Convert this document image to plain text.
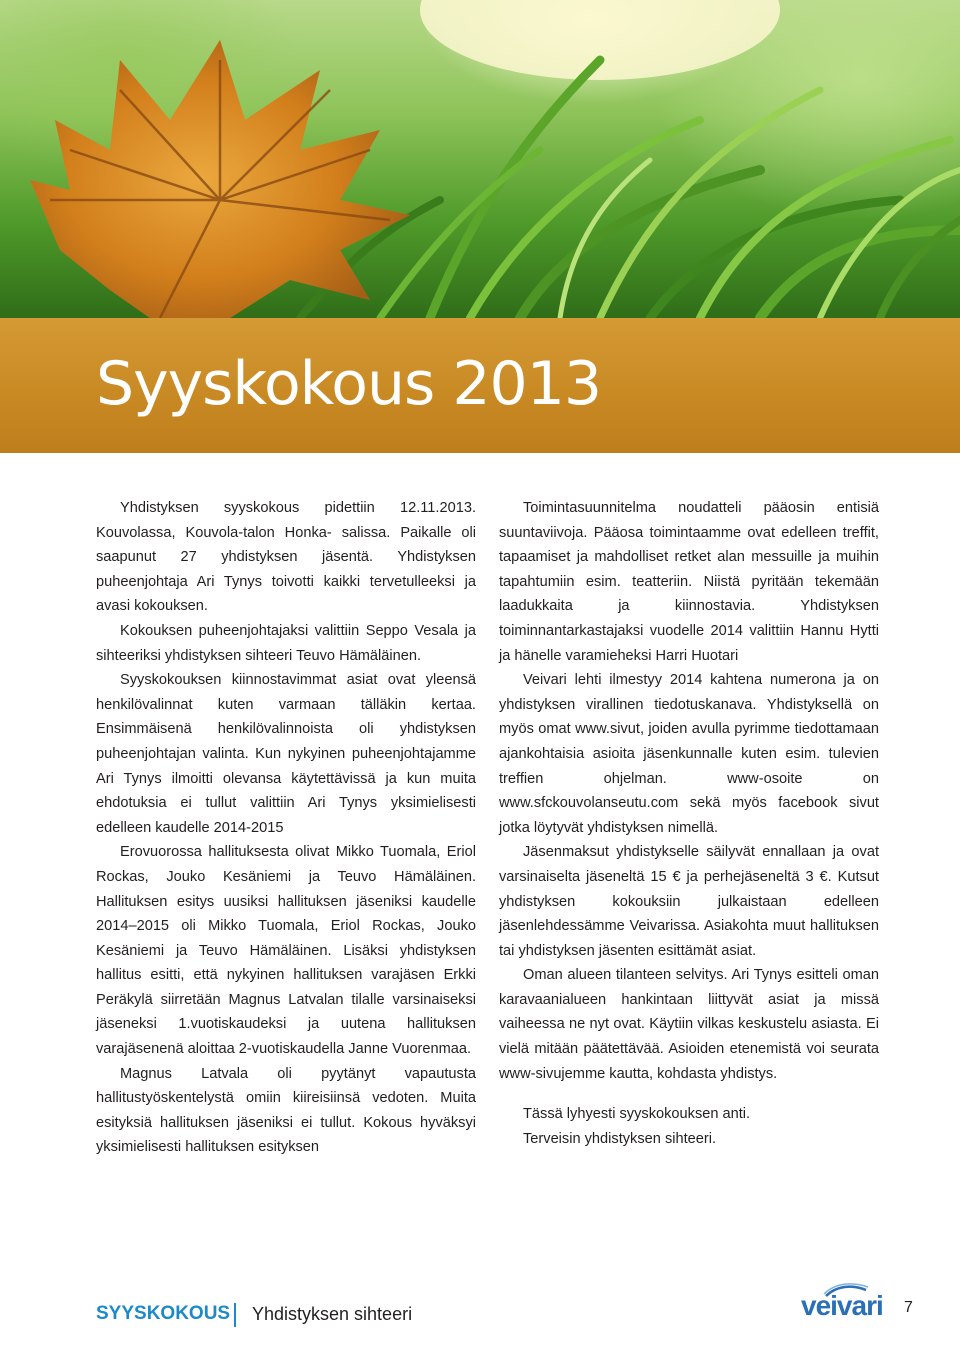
Syyskokous 2013

Yhdistyksen syyskokous pidettiin 12.11.2013. Kouvolassa, Kouvola-talon Honka- salissa. Paikalle oli saapunut 27 yhdistyksen jäsentä. Yhdistyksen puheenjohtaja Ari Tynys toivotti kaikki tervetulleeksi ja avasi kokouksen.

Kokouksen puheenjohtajaksi valittiin Seppo Vesala ja sihteeriksi yhdistyksen sihteeri Teuvo Hämäläinen.

Syyskokouksen kiinnostavimmat asiat ovat yleensä henkilövalinnat kuten varmaan tälläkin kertaa. Ensimmäisenä henkilövalinnoista oli yhdistyksen puheenjohtajan valinta. Kun nykyinen puheenjohtajamme Ari Tynys ilmoitti olevansa käytettävissä ja kun muita ehdotuksia ei tullut valittiin Ari Tynys yksimielisesti edelleen kaudelle 2014-2015

Erovuorossa hallituksesta olivat Mikko Tuomala, Eriol Rockas, Jouko Kesäniemi ja Teuvo Hämäläinen. Hallituksen esitys uusiksi hallituksen jäseniksi kaudelle 2014–2015 oli Mikko Tuomala, Eriol Rockas, Jouko Kesäniemi ja Teuvo Hämäläinen. Lisäksi yhdistyksen hallitus esitti, että nykyinen hallituksen varajäsen Erkki Peräkylä siirretään Magnus Latvalan tilalle varsinaiseksi jäseneksi 1.vuotiskaudeksi ja uutena hallituksen varajäsenenä aloittaa 2-vuotiskaudella Janne Vuorenmaa.

Magnus Latvala oli pyytänyt vapautusta hallitustyöskentelystä omiin kiireisiinsä vedoten. Muita esityksiä hallituksen jäseniksi ei tullut. Kokous hyväksyi yksimielisesti hallituksen esityksen

Toimintasuunnitelma noudatteli pääosin entisiä suuntaviivoja. Pääosa toimintaamme ovat edelleen treffit, tapaamiset ja mahdolliset retket alan messuille ja muihin tapahtumiin esim. teatteriin. Niistä pyritään tekemään laadukkaita ja kiinnostavia. Yhdistyksen toiminnantarkastajaksi vuodelle 2014 valittiin Hannu Hytti ja hänelle varamieheksi Harri Huotari

Veivari lehti ilmestyy 2014 kahtena numerona ja on yhdistyksen virallinen tiedotuskanava. Yhdistyksellä on myös omat www.sivut, joiden avulla pyrimme tiedottamaan ajankohtaisia asioita jäsenkunnalle kuten esim. tulevien treffien ohjelman. www-osoite on www.sfckouvolanseutu.com sekä myös facebook sivut jotka löytyvät yhdistyksen nimellä.

Jäsenmaksut yhdistykselle säilyvät ennallaan ja ovat varsinaiselta jäseneltä 15 € ja perhejäseneltä 3 €. Kutsut yhdistyksen kokouksiin julkaistaan edelleen jäsenlehdessämme Veivarissa. Asiakohta muut hallituksen tai yhdistyksen jäsenten esittämät asiat.

Oman alueen tilanteen selvitys. Ari Tynys esitteli oman karavaanialueen hankintaan liittyvät asiat ja missä vaiheessa ne nyt ovat. Käytiin vilkas keskustelu asiasta. Ei vielä mitään päätettävää. Asioiden etenemistä voi seurata www-sivujemme kautta, kohdasta yhdistys.

Tässä lyhyesti syyskokouksen anti.

Terveisin yhdistyksen sihteeri.

SYYSKOKOUS Yhdistyksen sihteeri	veivari 7
